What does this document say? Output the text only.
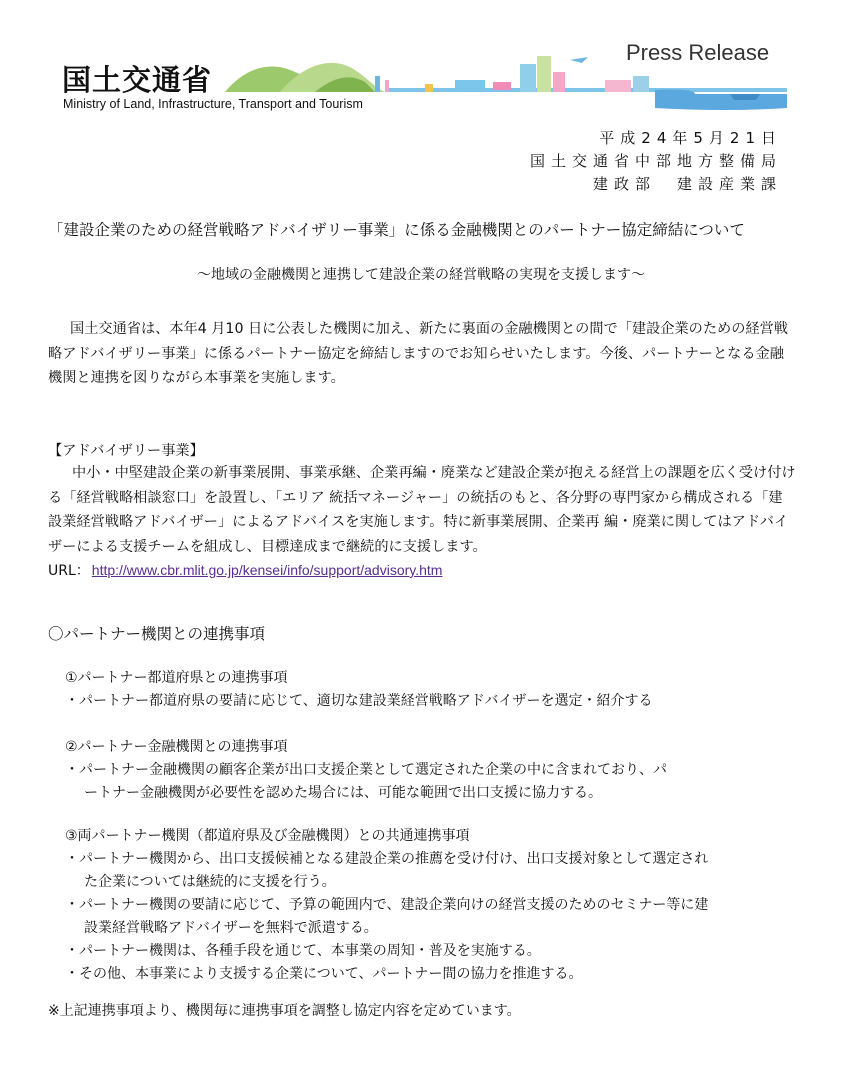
国土交通省
Ministry of Land, Infrastructure, Transport and Tourism
Press Release
平成24年5月21日
国土交通省中部地方整備局
建政部　建設産業課
「建設企業のための経営戦略アドバイザリー事業」に係る金融機関とのパートナー協定締結について
～地域の金融機関と連携して建設企業の経営戦略の実現を支援します～
国土交通省は、本年4 月10 日に公表した機関に加え、新たに裏面の金融機関との間で「建設企業のための経営戦略アドバイザリー事業」に係るパートナー協定を締結しますのでお知らせいたします。今後、パートナーとなる金融機関と連携を図りながら本事業を実施します。
【アドバイザリー事業】
中小・中堅建設企業の新事業展開、事業承継、企業再編・廃業など建設企業が抱える経営上の課題を広く受け付ける「経営戦略相談窓口」を設置し、「エリア 統括マネージャー」の統括のもと、各分野の専門家から構成される「建設業経営戦略アドバイザー」によるアドバイスを実施します。特に新事業展開、企業再 編・廃業に関してはアドバイザーによる支援チームを組成し、目標達成まで継続的に支援します。
URL： http://www.cbr.mlit.go.jp/kensei/info/support/advisory.htm
〇パートナー機関との連携事項
①パートナー都道府県との連携事項
・パートナー都道府県の要請に応じて、適切な建設業経営戦略アドバイザーを選定・紹介する
②パートナー金融機関との連携事項
・パートナー金融機関の顧客企業が出口支援企業として選定された企業の中に含まれており、パ
ートナー金融機関が必要性を認めた場合には、可能な範囲で出口支援に協力する。
③両パートナー機関（都道府県及び金融機関）との共通連携事項
・パートナー機関から、出口支援候補となる建設企業の推薦を受け付け、出口支援対象として選定され
た企業については継続的に支援を行う。
・パートナー機関の要請に応じて、予算の範囲内で、建設企業向けの経営支援のためのセミナー等に建
設業経営戦略アドバイザーを無料で派遣する。
・パートナー機関は、各種手段を通じて、本事業の周知・普及を実施する。
・その他、本事業により支援する企業について、パートナー間の協力を推進する。
※上記連携事項より、機関毎に連携事項を調整し協定内容を定めています。
